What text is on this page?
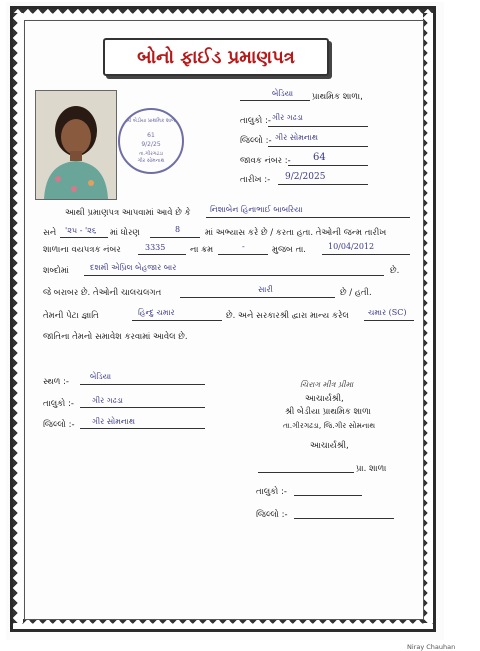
બોનો ફાઈડ પ્રમાણપત્ર
શ્રી બેડીયા પ્રાથમિક શાળા
61
9/2/25
તા.ગીરગઢડા
ગીર સોમનાથ
બેડિયા પ્રાથમિક શાળા,
તાલુકો :- ગીર ગઢડા
જિલ્લો :- ગીર સોમનાથ
જાવક નંબર :- 64
તારીખ :- 9/2/2025
આથી પ્રમાણપત્ર આપવામાં આવે છે કે નિશાબેન હિનાભાઈ બાબરિયા
સને '૨૫ - '૨૬ માં ધોરણ	8	માં અભ્યાસ કરે છે / કરતા હતા. તેઓની જન્મ તારીખ
શાળાના વયપત્રક નંબર	3335	ના ક્રમ	-	મુજબ તા.	10/04/2012
શબ્દોમાં	દશમી એપ્રિલ બેહજાર બાર	છે.
જે બરાબર છે. તેઓની ચાલચલગત	સારી	છે / હતી.
તેમની પેટા જ્ઞાતિ	હિન્દુ ચમાર	છે. અને સરકારશ્રી દ્વારા માન્ય કરેલ ચમાર (SC)
જાતિના તેમનો સમાવેશ કરવામાં આવેલ છે.
સ્થળ :-
બેડિયા
તાલુકો :- ગીર ગઢડા
જિલ્લો :- ગીર સોમનાથ
ચિરાગ મીત્ર પ્રીમા
આચાર્યશ્રી,
શ્રી બેડીયા પ્રાથમિક શાળા
તા.ગીરગઢડા, જિ.ગીર સોમનાથ
આચાર્યશ્રી,
પ્રા. શાળા
તાલુકો :-
જિલ્લો :-
Niray Chauhan
